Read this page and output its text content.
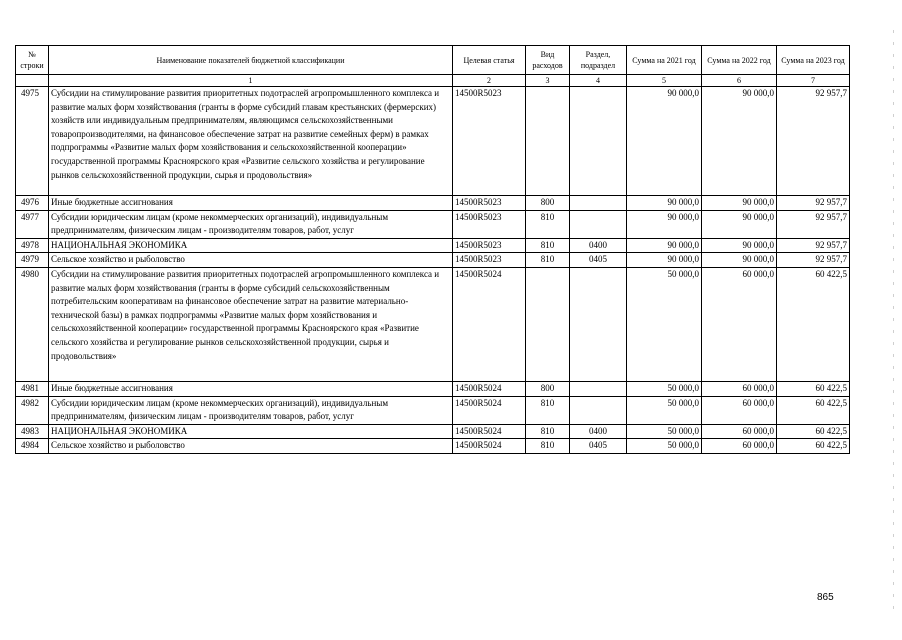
№ строки	Наименование показателей бюджетной классификации	Целевая статья	Вид расходов	Раздел, подраздел	Сумма на 2021 год	Сумма на 2022 год	Сумма на 2023 год
	1	2	3	4	5	6	7
4975	Субсидии на стимулирование развития приоритетных подотраслей агропромышленного комплекса и развитие малых форм хозяйствования (гранты в форме субсидий главам крестьянских (фермерских) хозяйств или индивидуальным предпринимателям, являющимся сельскохозяйственными товаропроизводителями, на финансовое обеспечение затрат на развитие семейных ферм) в рамках подпрограммы «Развитие малых форм хозяйствования и сельскохозяйственной кооперации» государственной программы Красноярского края «Развитие сельского хозяйства и регулирование рынков сельскохозяйственной продукции, сырья и продовольствия»	14500R5023			90 000,0	90 000,0	92 957,7
4976	Иные бюджетные ассигнования	14500R5023	800		90 000,0	90 000,0	92 957,7
4977	Субсидии юридическим лицам (кроме некоммерческих организаций), индивидуальным предпринимателям, физическим лицам - производителям товаров, работ, услуг	14500R5023	810		90 000,0	90 000,0	92 957,7
4978	НАЦИОНАЛЬНАЯ ЭКОНОМИКА	14500R5023	810	0400	90 000,0	90 000,0	92 957,7
4979	Сельское хозяйство и рыболовство	14500R5023	810	0405	90 000,0	90 000,0	92 957,7
4980	Субсидии на стимулирование развития приоритетных подотраслей агропромышленного комплекса и развитие малых форм хозяйствования (гранты в форме субсидий сельскохозяйственным потребительским кооперативам на финансовое обеспечение затрат на развитие материально-технической базы) в рамках подпрограммы «Развитие малых форм хозяйствования и сельскохозяйственной кооперации» государственной программы Красноярского края «Развитие сельского хозяйства и регулирование рынков сельскохозяйственной продукции, сырья и продовольствия»	14500R5024			50 000,0	60 000,0	60 422,5
4981	Иные бюджетные ассигнования	14500R5024	800		50 000,0	60 000,0	60 422,5
4982	Субсидии юридическим лицам (кроме некоммерческих организаций), индивидуальным предпринимателям, физическим лицам - производителям товаров, работ, услуг	14500R5024	810		50 000,0	60 000,0	60 422,5
4983	НАЦИОНАЛЬНАЯ ЭКОНОМИКА	14500R5024	810	0400	50 000,0	60 000,0	60 422,5
4984	Сельское хозяйство и рыболовство	14500R5024	810	0405	50 000,0	60 000,0	60 422,5
865
